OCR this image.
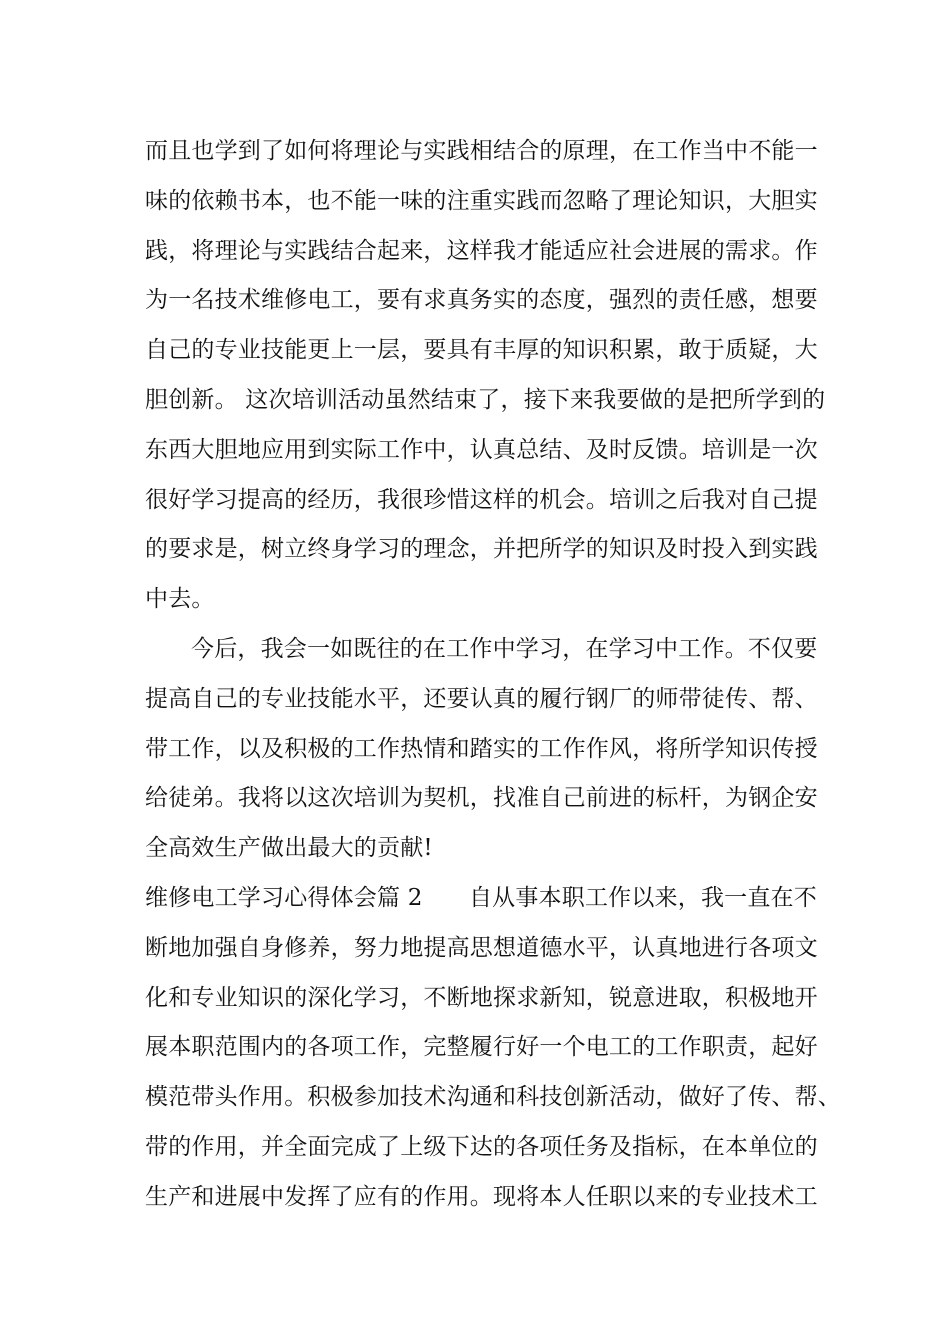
而且也学到了如何将理论与实践相结合的原理，在工作当中不能一
味的依赖书本，也不能一味的注重实践而忽略了理论知识，大胆实
践，将理论与实践结合起来，这样我才能适应社会进展的需求。作
为一名技术维修电工，要有求真务实的态度，强烈的责任感，想要
自己的专业技能更上一层，要具有丰厚的知识积累，敢于质疑，大
胆创新。 这次培训活动虽然结束了，接下来我要做的是把所学到的
东西大胆地应用到实际工作中，认真总结、及时反馈。培训是一次
很好学习提高的经历，我很珍惜这样的机会。培训之后我对自己提
的要求是，树立终身学习的理念，并把所学的知识及时投入到实践
中去。
今后，我会一如既往的在工作中学习，在学习中工作。不仅要
提高自己的专业技能水平，还要认真的履行钢厂的师带徒传、帮、
带工作，以及积极的工作热情和踏实的工作作风，将所学知识传授
给徒弟。我将以这次培训为契机，找准自己前进的标杆，为钢企安
全高效生产做出最大的贡献!
维修电工学习心得体会篇 2　　自从事本职工作以来，我一直在不
断地加强自身修养，努力地提高思想道德水平，认真地进行各项文
化和专业知识的深化学习，不断地探求新知，锐意进取，积极地开
展本职范围内的各项工作，完整履行好一个电工的工作职责，起好
模范带头作用。积极参加技术沟通和科技创新活动，做好了传、帮、
带的作用，并全面完成了上级下达的各项任务及指标，在本单位的
生产和进展中发挥了应有的作用。现将本人任职以来的专业技术工
